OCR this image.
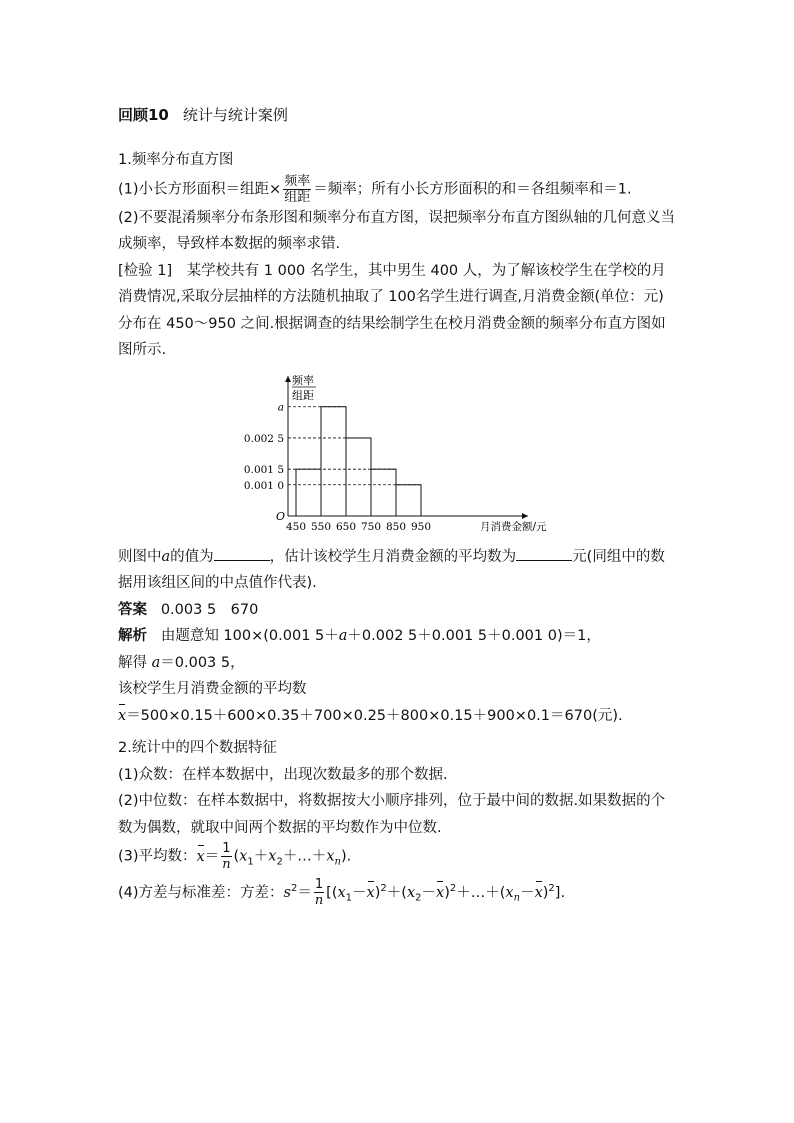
回顾10 统计与统计案例
1.频率分布直方图
(1)小长方形面积＝组距× $\frac{\text{频率}}{\text{组距}}$ ＝频率；所有小长方形面积的和＝各组频率和＝1.
(2)不要混淆频率分布条形图和频率分布直方图，误把频率分布直方图纵轴的几何意义当成频率，导致样本数据的频率求错.
[检验 1]　某学校共有 1 000 名学生，其中男生 400 人，为了解该校学生在学校的月消费情况,采取分层抽样的方法随机抽取了 100名学生进行调查,月消费金额(单位：元)分布在 450～950 之间.根据调查的结果绘制学生在校月消费金额的频率分布直方图如图所示.
频率
组距
O
a
0.002 5
0.001 5
0.001 0
450 550 650 750 850 950	月消费金额/元
则图中a的值为	，估计该校学生月消费金额的平均数为	元(同组中的数据用该组区间的中点值作代表).
答案 0.003 5　670
解析 由题意知 100×(0.001 5＋a＋0.002 5＋0.001 5＋0.001 0)＝1，
解得 a＝0.003 5，
该校学生月消费金额的平均数
x＝500×0.15＋600×0.35＋700×0.25＋800×0.15＋900×0.1＝670(元).
2.统计中的四个数据特征
(1)众数：在样本数据中，出现次数最多的那个数据.
(2)中位数：在样本数据中，将数据按大小顺序排列，位于最中间的数据.如果数据的个数为偶数，就取中间两个数据的平均数作为中位数.
(3)平均数：$x= \frac{1}{n}$ $(x_1+x_2+\dots+x_n)$.
(4)方差与标准差：方差：$s^2= \frac{1}{n}$ $[(x_1-x)^2+(x_2-x)^2+\dots+(x_n-x)^2]$.
